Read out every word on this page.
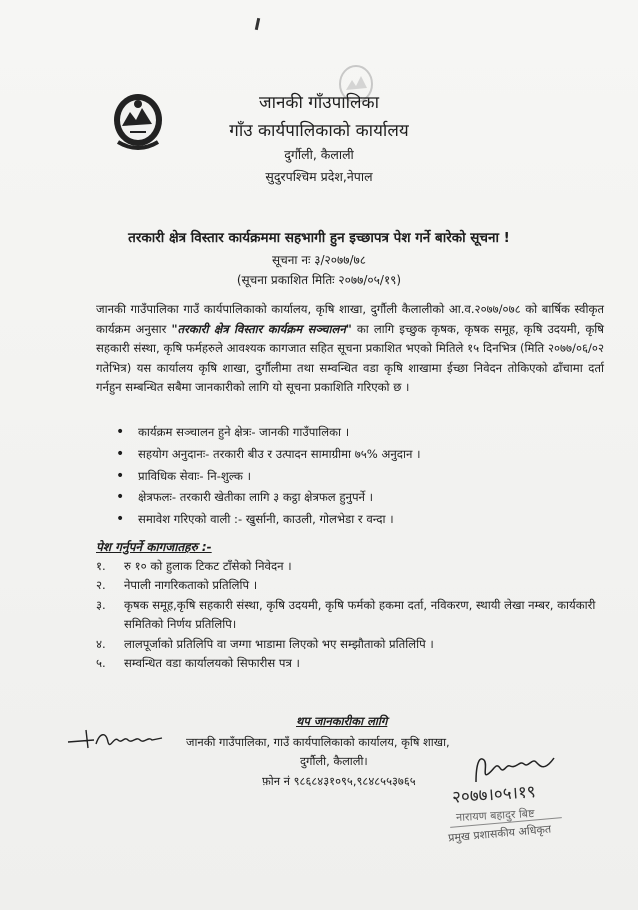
जानकी गाँउपालिका
गाँउ कार्यपालिकाको कार्यालय
दुर्गौली, कैलाली
सुदुरपश्चिम प्रदेश,नेपाल
तरकारी क्षेत्र विस्तार कार्यक्रममा सहभागी हुन इच्छापत्र पेश गर्ने बारेको सूचना !
सूचना नः ३/२०७७/७८
(सूचना प्रकाशित मितिः २०७७/०५/१९)
जानकी गाउँपालिका गाउँ कार्यपालिकाको कार्यालय, कृषि शाखा, दुर्गौली कैलालीको आ.व.२०७७/०७८ को बार्षिक स्वीकृत कार्यक्रम अनुसार "तरकारी क्षेत्र विस्तार कार्यक्रम सञ्चालन" का लागि इच्छुक कृषक, कृषक समूह, कृषि उदयमी, कृषि सहकारी संस्था, कृषि फर्महरुले आवश्यक कागजात सहित सूचना प्रकाशित भएको मितिले १५ दिनभित्र (मिति २०७७/०६/०२ गतेभित्र) यस कार्यालय कृषि शाखा, दुर्गौलीमा तथा सम्वन्धित वडा कृषि शाखामा ईच्छा निवेदन तोकिएको ढाँचामा दर्ता गर्नहुन सम्बन्धित सबैमा जानकारीको लागि यो सूचना प्रकाशिति गरिएको छ ।
• कार्यक्रम सञ्चालन हुने क्षेत्रः- जानकी गाउँपालिका ।
• सहयोग अनुदानः- तरकारी बीउ र उत्पादन सामाग्रीमा ७५% अनुदान ।
• प्राविधिक सेवाः- नि-शुल्क ।
• क्षेत्रफलः- तरकारी खेतीका लागि ३ कट्ठा क्षेत्रफल हुनुपर्ने ।
• समावेश गरिएको वाली :- खुर्सानी, काउली, गोलभेडा र वन्दा ।
पेश गर्नुपर्ने कागजातहरु :-
१. रु १० को हुलाक टिकट टाँसेको निवेदन ।
२. नेपाली नागरिकताको प्रतिलिपि ।
३. कृषक समूह,कृषि सहकारी संस्था, कृषि उदयमी, कृषि फर्मको हकमा दर्ता, नविकरण, स्थायी लेखा नम्बर, कार्यकारी समितिको निर्णय प्रतिलिपि।
४. लालपूर्जाको प्रतिलिपि वा जग्गा भाडामा लिएको भए सम्झौताको प्रतिलिपि ।
५. सम्वन्धित वडा कार्यालयको सिफारीस पत्र ।
थप जानकारीका लागि
जानकी गाउँपालिका, गाउँ कार्यपालिकाको कार्यालय, कृषि शाखा,
दुर्गौली, कैलाली।
फ़ोन नं ९८६८४३१०९५,९८४८५५३७६५
२०७७।०५।१९
नारायण बहादुर बिष्ट
प्रमुख प्रशासकीय अधिकृत
